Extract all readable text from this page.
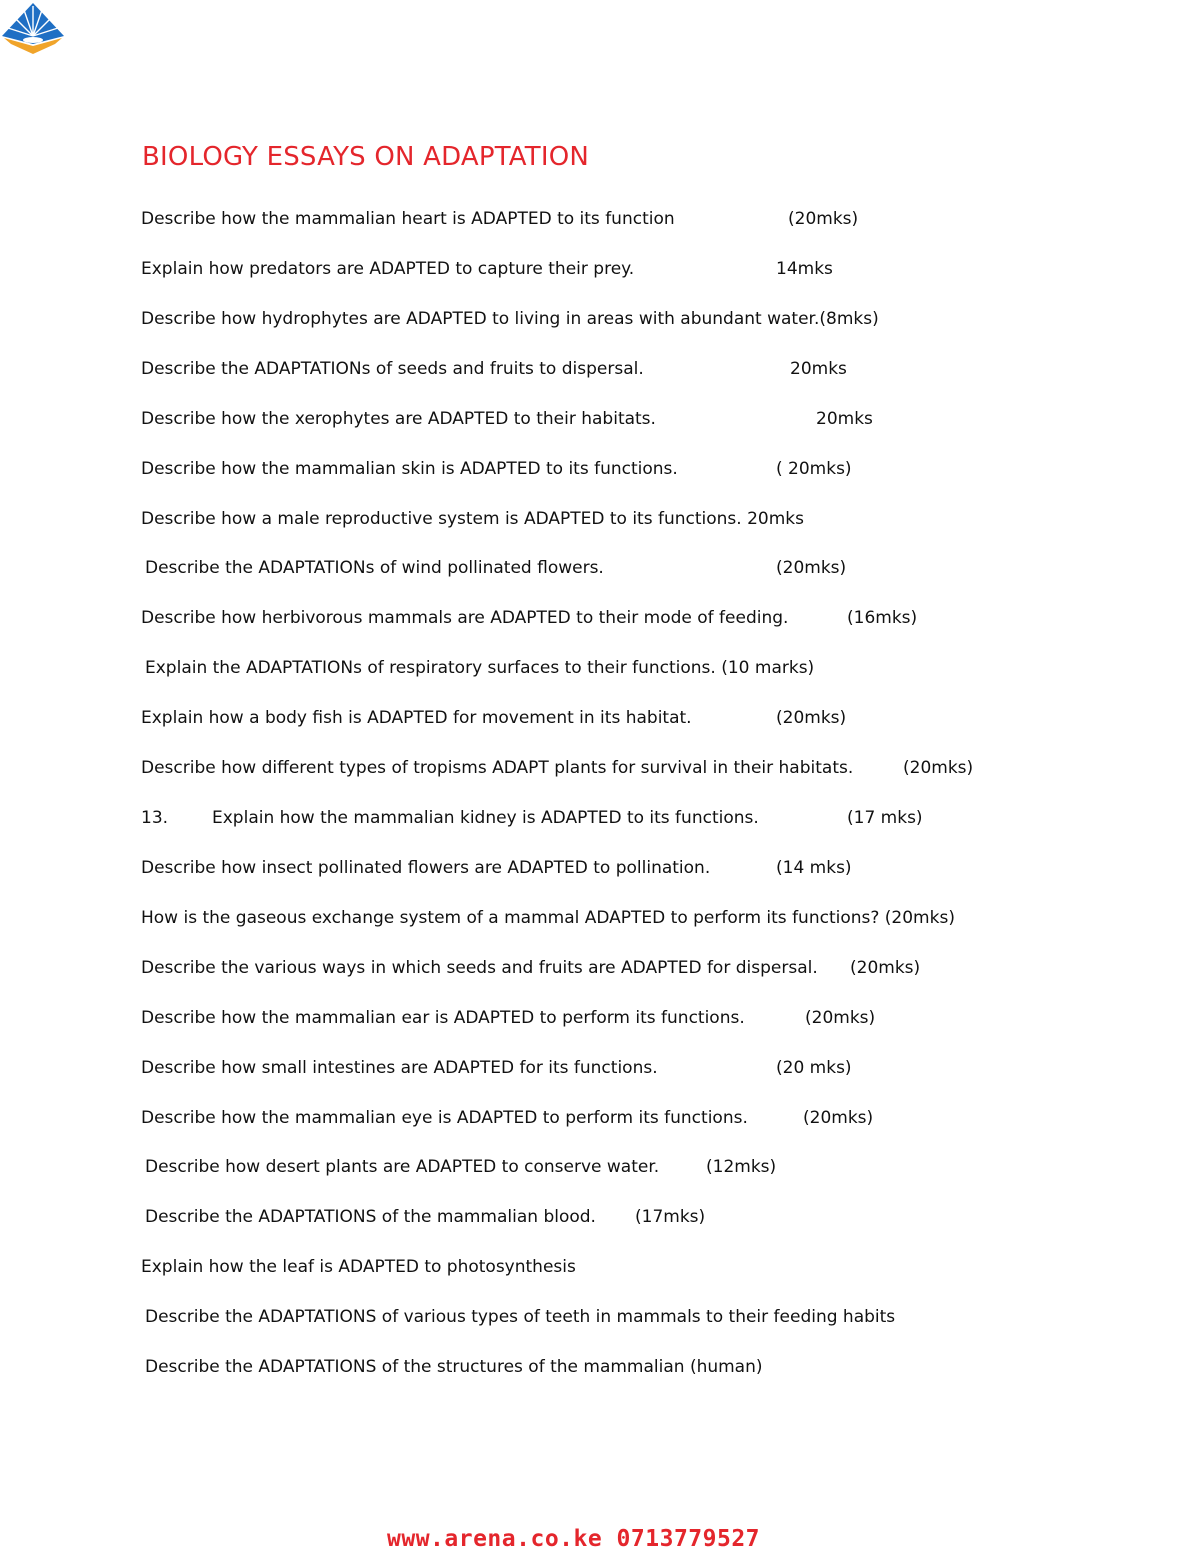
BIOLOGY ESSAYS ON ADAPTATION
Describe how the mammalian heart is ADAPTED to its function	(20mks)
Explain how predators are ADAPTED to capture their prey.	14mks
Describe how hydrophytes are ADAPTED to living in areas with abundant water.(8mks)
Describe the ADAPTATIONs of seeds and fruits to dispersal.	20mks
Describe how the xerophytes are ADAPTED to their habitats.	20mks
Describe how the mammalian skin is ADAPTED to its functions.	( 20mks)
Describe how a male reproductive system is ADAPTED to its functions. 20mks
Describe the ADAPTATIONs of wind pollinated flowers.	(20mks)
Describe how herbivorous mammals are ADAPTED to their mode of feeding.	(16mks)
Explain the ADAPTATIONs of respiratory surfaces to their functions. (10 marks)
Explain how a body fish is ADAPTED for movement in its habitat.	(20mks)
Describe how different types of tropisms ADAPT plants for survival in their habitats.	(20mks)
13.	Explain how the mammalian kidney is ADAPTED to its functions.	(17 mks)
Describe how insect pollinated flowers are ADAPTED to pollination.	(14 mks)
How is the gaseous exchange system of a mammal ADAPTED to perform its functions? (20mks)
Describe the various ways in which seeds and fruits are ADAPTED for dispersal. (20mks)
Describe how the mammalian ear is ADAPTED to perform its functions.	(20mks)
Describe how small intestines are ADAPTED for its functions.	(20 mks)
Describe how the mammalian eye is ADAPTED to perform its functions.	(20mks)
Describe how desert plants are ADAPTED to conserve water.	(12mks)
Describe the ADAPTATIONS of the mammalian blood. (17mks)
Explain how the leaf is ADAPTED to photosynthesis
Describe the ADAPTATIONS of various types of teeth in mammals to their feeding habits
Describe the ADAPTATIONS of the structures of the mammalian (human)
www.arena.co.ke 0713779527
